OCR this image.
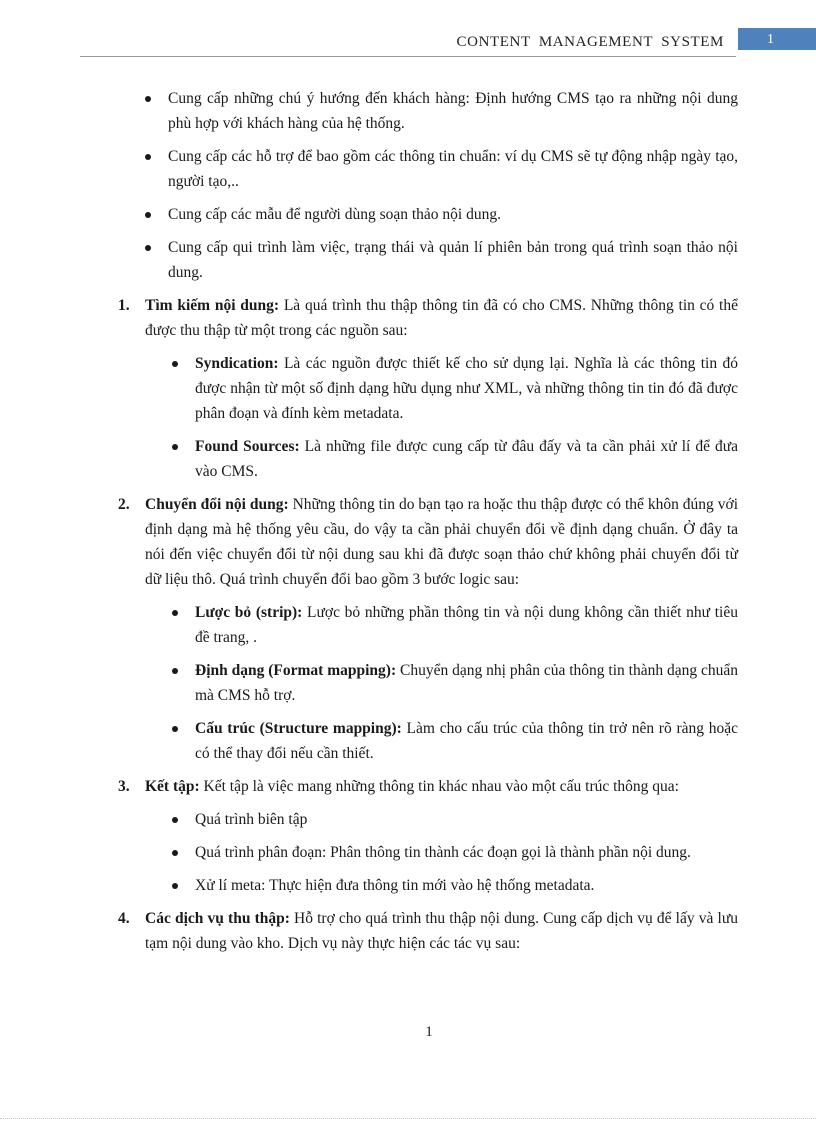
CONTENT MANAGEMENT SYSTEM	1
Cung cấp những chú ý hướng đến khách hàng: Định hướng CMS tạo ra những nội dung phù hợp với khách hàng của hệ thống.
Cung cấp các hỗ trợ để bao gồm các thông tin chuẩn: ví dụ CMS sẽ tự động nhập ngày tạo, người tạo,..
Cung cấp các mẫu để người dùng soạn thảo nội dung.
Cung cấp qui trình làm việc, trạng thái và quản lí phiên bản trong quá trình soạn thảo nội dung.
1. Tìm kiếm nội dung: Là quá trình thu thập thông tin đã có cho CMS. Những thông tin có thể được thu thập từ một trong các nguồn sau:
Syndication: Là các nguồn được thiết kế cho sử dụng lại. Nghĩa là các thông tin đó được nhận từ một số định dạng hữu dụng như XML, và những thông tin tin đó đã được phân đoạn và đính kèm metadata.
Found Sources: Là những file được cung cấp từ đâu đấy và ta cần phải xử lí để đưa vào CMS.
2. Chuyển đổi nội dung: Những thông tin do bạn tạo ra hoặc thu thập được có thể khôn đúng với định dạng mà hệ thống yêu cầu, do vậy ta cần phải chuyển đổi về định dạng chuẩn. Ở đây ta nói đến việc chuyển đổi từ nội dung sau khi đã được soạn thảo chứ không phải chuyển đổi từ dữ liệu thô. Quá trình chuyển đổi bao gồm 3 bước logic sau:
Lược bỏ (strip): Lược bỏ những phần thông tin và nội dung không cần thiết như tiêu đề trang, .
Định dạng (Format mapping): Chuyển dạng nhị phân của thông tin thành dạng chuẩn mà CMS hỗ trợ.
Cấu trúc (Structure mapping): Làm cho cấu trúc của thông tin trở nên rõ ràng hoặc có thể thay đổi nếu cần thiết.
3. Kết tập: Kết tập là việc mang những thông tin khác nhau vào một cấu trúc thông qua:
Quá trình biên tập
Quá trình phân đoạn: Phân thông tin thành các đoạn gọi là thành phần nội dung.
Xử lí meta: Thực hiện đưa thông tin mới vào hệ thống metadata.
4. Các dịch vụ thu thập: Hỗ trợ cho quá trình thu thập nội dung. Cung cấp dịch vụ để lấy và lưu tạm nội dung vào kho. Dịch vụ này thực hiện các tác vụ sau:
1
